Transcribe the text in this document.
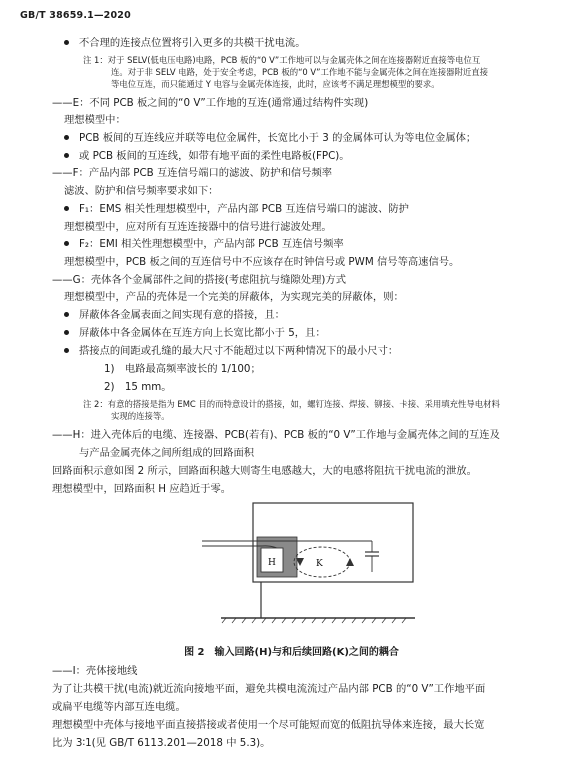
GB/T 38659.1—2020
不合理的连接点位置将引入更多的共模干扰电流。
注 1：对于 SELV(低电压电路)电路，PCB 板的“0 V”工作地可以与金属壳体之间在连接器附近直接等电位互
连。对于非 SELV 电路，处于安全考虑，PCB 板的“0 V”工作地不能与金属壳体之间在连接器附近直接
等电位互连，而只能通过 Y 电容与金属壳体连接，此时，应该考不满足理想模型的要求。
——E：不同 PCB 板之间的“0 V”工作地的互连(通常通过结构件实现)
理想模型中：
PCB 板间的互连线应并联等电位金属件，长宽比小于 3 的金属体可认为等电位金属体；
或 PCB 板间的互连线，如带有地平面的柔性电路板(FPC)。
——F：产品内部 PCB 互连信号端口的滤波、防护和信号频率
滤波、防护和信号频率要求如下：
F₁：EMS 相关性理想模型中，产品内部 PCB 互连信号端口的滤波、防护
理想模型中，应对所有互连连接器中的信号进行滤波处理。
F₂：EMI 相关性理想模型中，产品内部 PCB 互连信号频率
理想模型中，PCB 板之间的互连信号中不应该存在时钟信号或 PWM 信号等高速信号。
——G：壳体各个金属部件之间的搭接(考虑阻抗与缝隙处理)方式
理想模型中，产品的壳体是一个完美的屏蔽体，为实现完美的屏蔽体，则：
屏蔽体各金属表面之间实现有意的搭接，且：
屏蔽体中各金属体在互连方向上长宽比都小于 5，且：
搭接点的间距或孔缝的最大尺寸不能超过以下两种情况下的最小尺寸：
1)　电路最高频率波长的 1/100；
2)　15 mm。
注 2：有意的搭接是指为 EMC 目的而特意设计的搭接，如，螺钉连接、焊接、铆接、卡接、采用填充性导电材料
实现的连接等。
——H：进入壳体后的电缆、连接器、PCB(若有)、PCB 板的“0 V”工作地与金属壳体之间的互连及
与产品金属壳体之间所组成的回路面积
回路面积示意如图 2 所示，回路面积越大则寄生电感越大，大的电感将阻抗干扰电流的泄放。
理想模型中，回路面积 H 应趋近于零。
——I：壳体接地线
为了让共模干扰(电流)就近流向接地平面，避免共模电流流过产品内部 PCB 的“0 V”工作地平面
或扁平电缆等内部互连电缆。
理想模型中壳体与接地平面直接搭接或者使用一个尽可能短而宽的低阻抗导体来连接，最大长宽
比为 3∶1(见 GB/T 6113.201—2018 中 5.3)。
H	K
图 2　输入回路(H)与和后续回路(K)之间的耦合
